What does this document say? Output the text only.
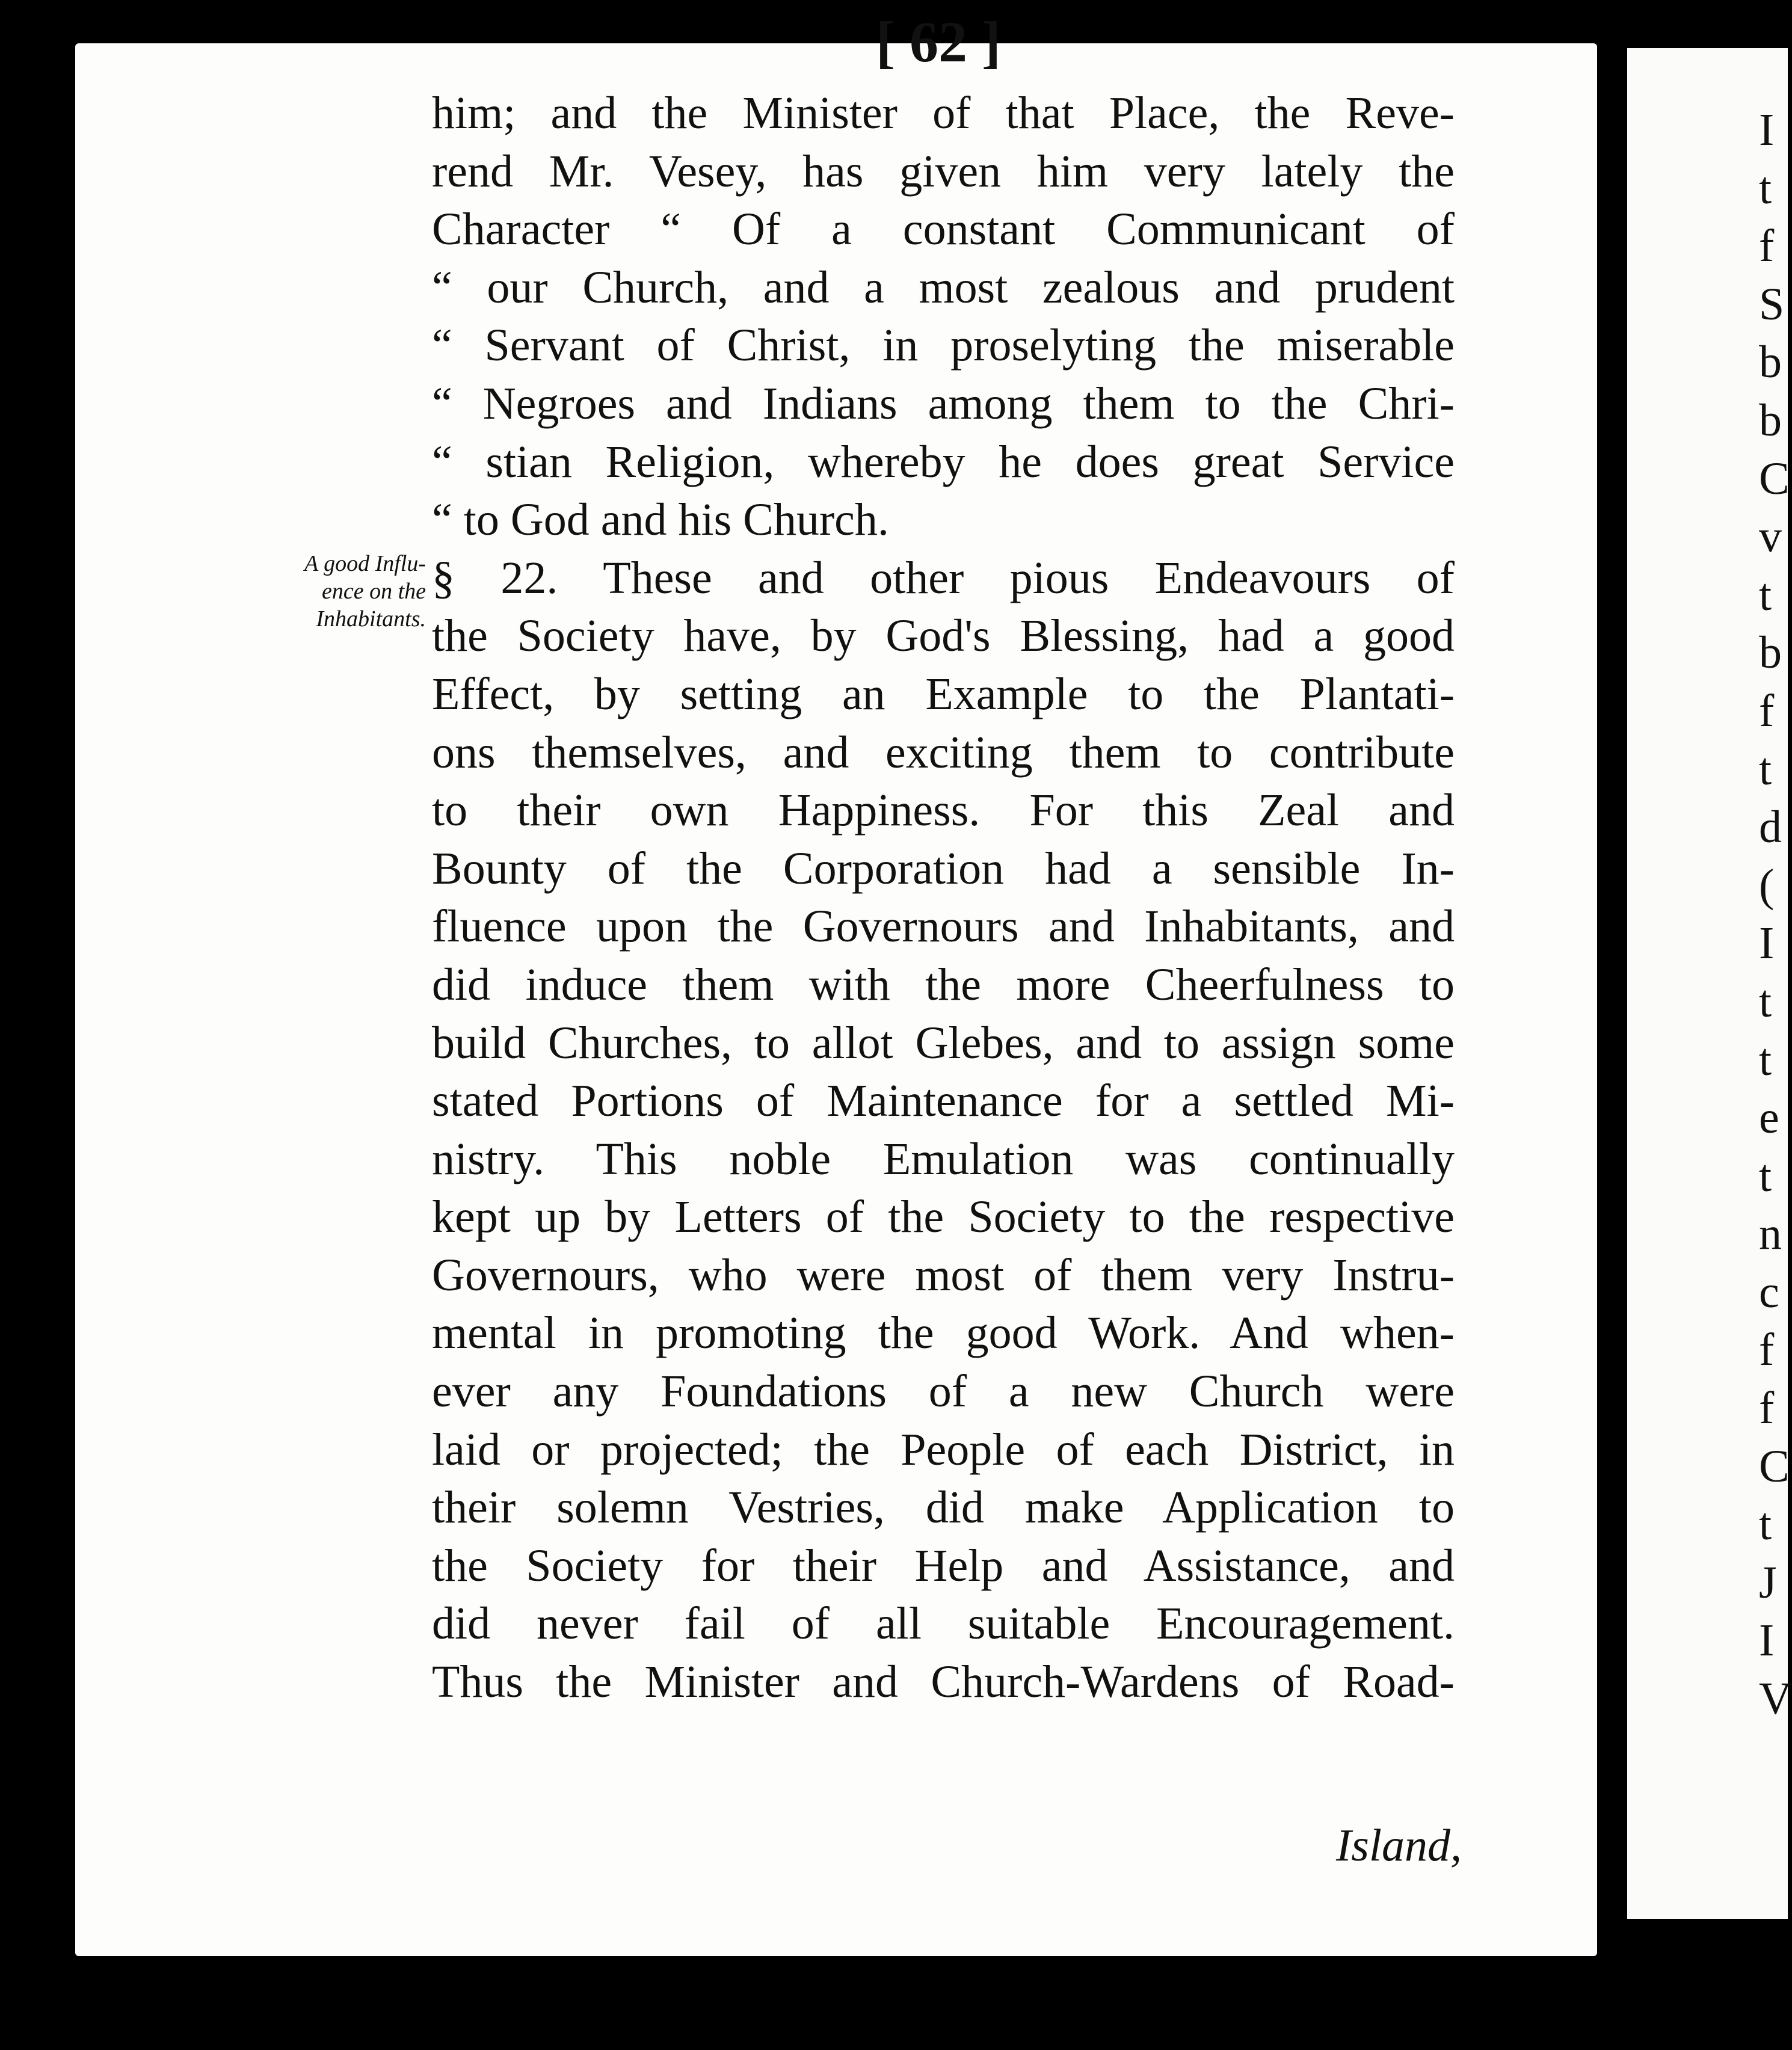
[ 62 ]
A good Influ-
ence on the
Inhabitants.
him; and the Minister of that Place, the Reve-
rend Mr. Vesey, has given him very lately the
Character “ Of a constant Communicant of
“ our Church, and a most zealous and prudent
“ Servant of Christ, in proselyting the miserable
“ Negroes and Indians among them to the Chri-
“ stian Religion, whereby he does great Service
“ to God and his Church.
§ 22. These and other pious Endeavours of
the Society have, by God's Blessing, had a good
Effect, by setting an Example to the Plantati-
ons themselves, and exciting them to contribute
to their own Happiness. For this Zeal and
Bounty of the Corporation had a sensible In-
fluence upon the Governours and Inhabitants, and
did induce them with the more Cheerfulness to
build Churches, to allot Glebes, and to assign some
stated Portions of Maintenance for a settled Mi-
nistry. This noble Emulation was continually
kept up by Letters of the Society to the respective
Governours, who were most of them very Instru-
mental in promoting the good Work. And when-
ever any Foundations of a new Church were
laid or projected; the People of each District, in
their solemn Vestries, did make Application to
the Society for their Help and Assistance, and
did never fail of all suitable Encouragement.
Thus the Minister and Church-Wardens of Road-
Island,
I
t
f
S
b
b
C
v
t
b
f
t
d
(
I
t
t
e
t
n
c
f
f
C
t
J
I
V
